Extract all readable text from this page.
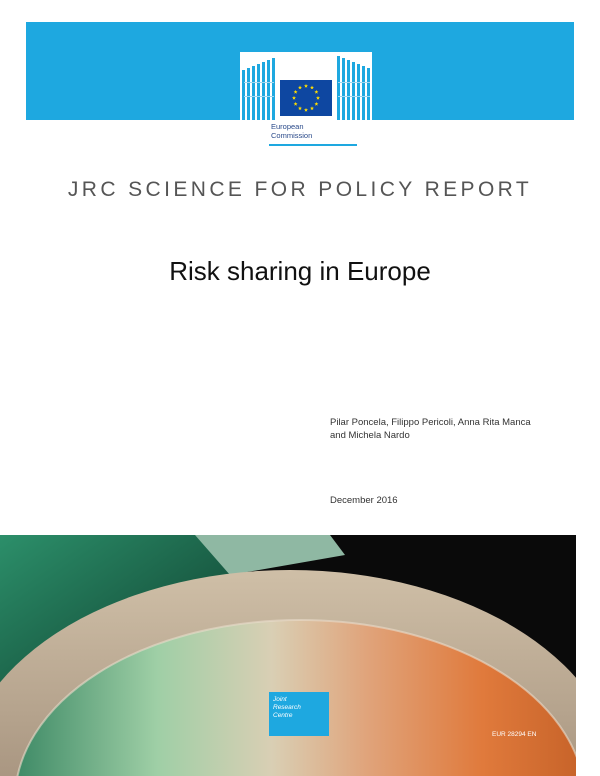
European
Commission
JRC SCIENCE FOR POLICY REPORT
Risk sharing in Europe
Pilar Poncela, Filippo Pericoli, Anna Rita Manca
and Michela Nardo
December 2016
Joint
Research
Centre
EUR 28294 EN
